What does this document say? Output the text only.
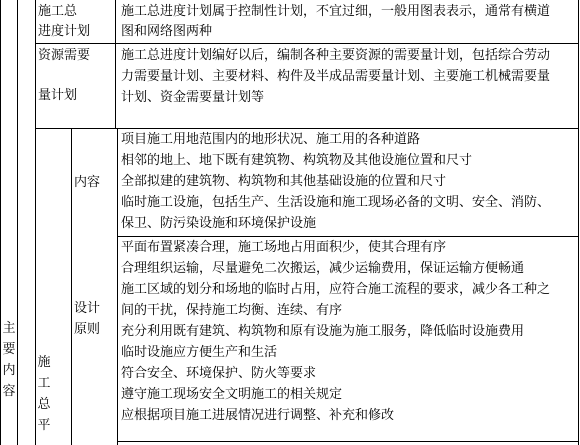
主要内容
施工总平
施工总
进度计划
施工总进度计划属于控制性计划，不宜过细，一般用图表表示，通常有横道
图和网络图两种
资源需要
量计划
施工总进度计划编好以后，编制各种主要资源的需要量计划，包括综合劳动
力需要量计划、主要材料、构件及半成品需要量计划、主要施工机械需要量
计划、资金需要量计划等
内容
项目施工用地范围内的地形状况、施工用的各种道路
相邻的地上、地下既有建筑物、构筑物及其他设施位置和尺寸
全部拟建的建筑物、构筑物和其他基础设施的位置和尺寸
临时施工设施，包括生产、生活设施和施工现场必备的文明、安全、消防、
保卫、防污染设施和环境保护设施
设计
原则
平面布置紧凑合理，施工场地占用面积少，使其合理有序
合理组织运输，尽量避免二次搬运，减少运输费用，保证运输方便畅通
施工区域的划分和场地的临时占用，应符合施工流程的要求，减少各工种之
间的干扰，保持施工均衡、连续、有序
充分利用既有建筑、构筑物和原有设施为施工服务，降低临时设施费用
临时设施应方便生产和生活
符合安全、环境保护、防火等要求
遵守施工现场安全文明施工的相关规定
应根据项目施工进展情况进行调整、补充和修改
